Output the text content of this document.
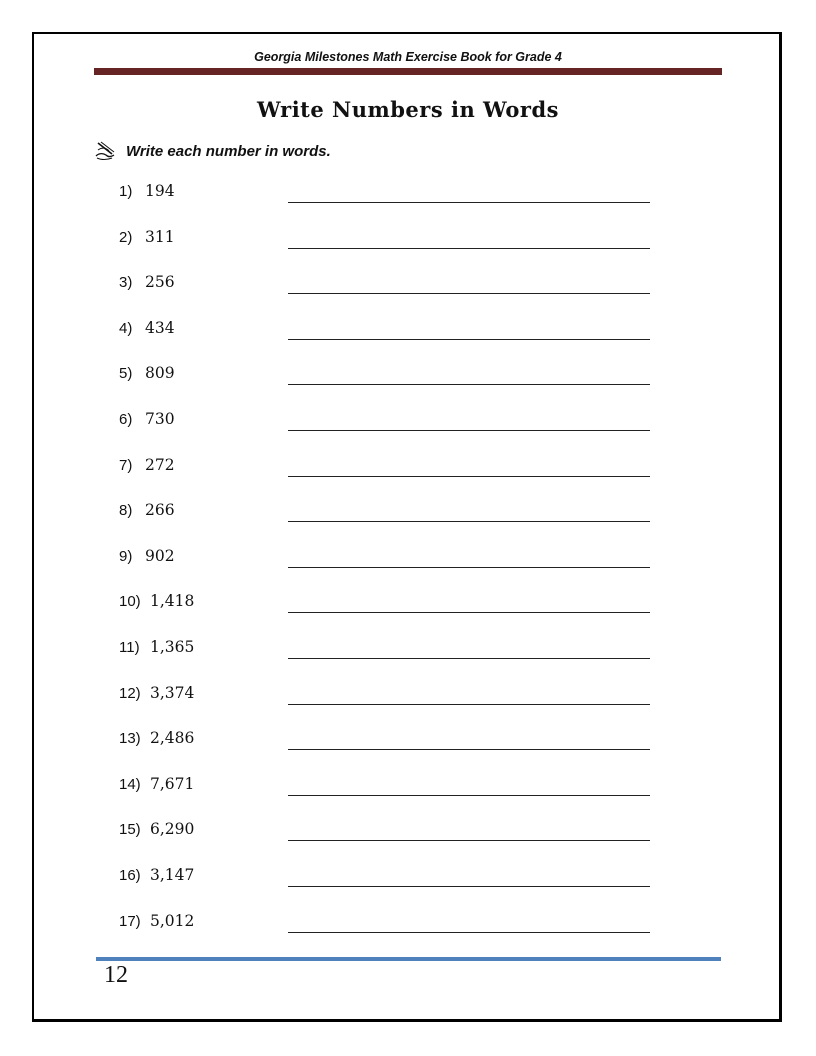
Georgia Milestones Math Exercise Book for Grade 4
Write Numbers in Words
Write each number in words.
1) 194
2) 311
3) 256
4) 434
5) 809
6) 730
7) 272
8) 266
9) 902
10) 1,418
11) 1,365
12) 3,374
13) 2,486
14) 7,671
15) 6,290
16) 3,147
17) 5,012
12
